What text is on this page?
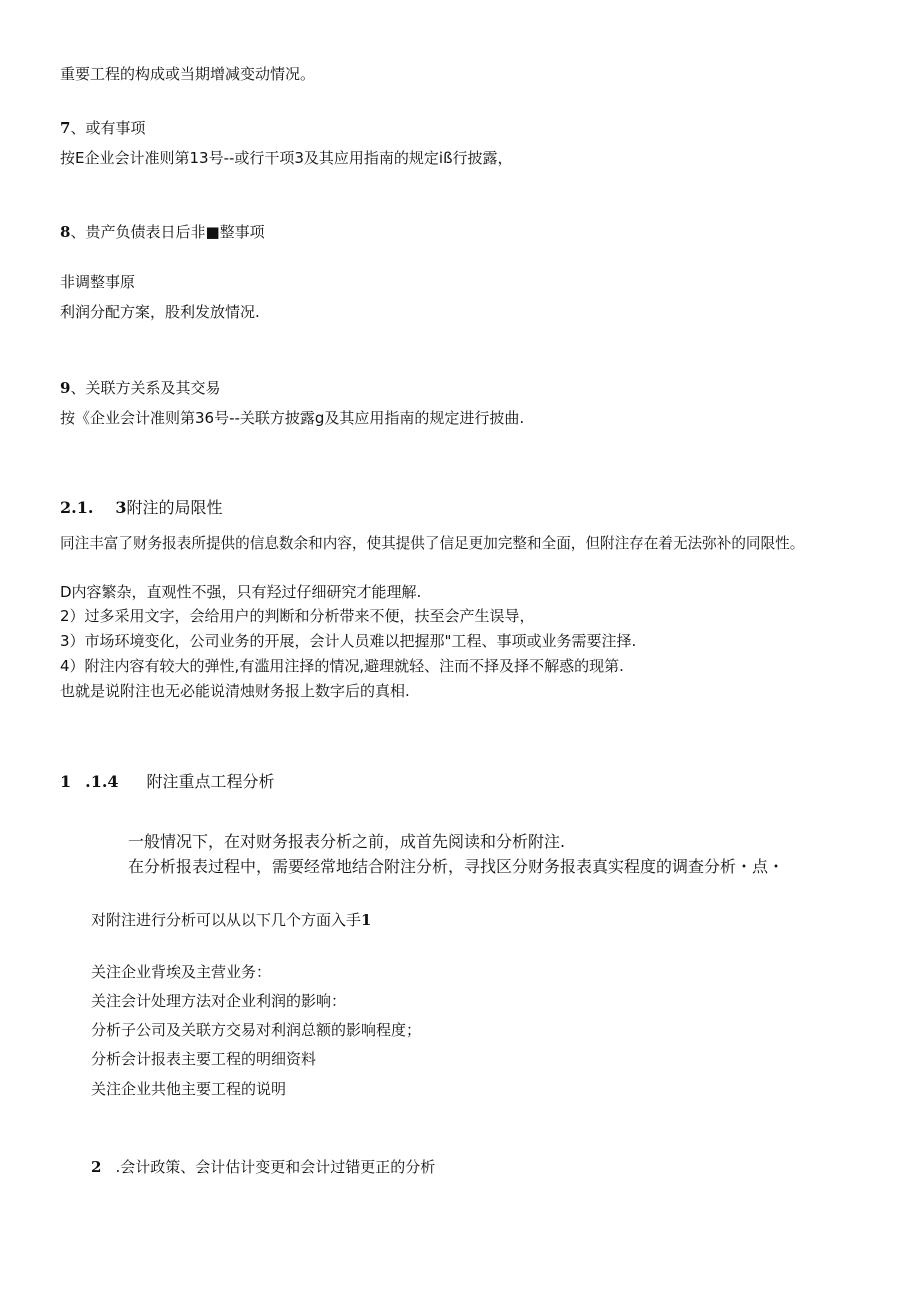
重要工程的构成或当期增减变动情况。
7、或有事项
按E企业会计准则第13号--或行干项3及其应用指南的规定iß行披露，
8、贵产负债表日后非■整事项
非调整事原
利润分配方案，股利发放情况.
9、关联方关系及其交易
按《企业会计准则第36号--关联方披露g及其应用指南的规定进行披曲.
2.1. 3附注的局限性
同注丰富了财务报表所提供的信息数余和内容，使其提供了信足更加完整和全面，但附注存在着无法弥补的同限性。
D内容繁杂，直观性不强，只有羟过仔细研究才能理解.
2）过多采用文字，会给用户的判断和分析带来不便，扶至会产生误导，
3）市场环境变化，公司业务的开展，会计人员难以把握那"工程、事项或业务需要注择.
4）附注内容有较大的弹性,有滥用注择的情况,避理就轻、注而不择及择不解惑的现第.
也就是说附注也无必能说清烛财务报上数字后的真相.
1 .1.4 附注重点工程分析
一般情况下，在对财务报表分析之前，成首先阅读和分析附注.
在分析报表过程中，需要经常地结合附注分析，寻找区分财务报表真实程度的调查分析・点・
对附注进行分析可以从以下几个方面入手1
关注企业背埃及主营业务：
关注会计处理方法对企业利润的影响：
分析子公司及关联方交易对利润总额的影响程度；
分析会计报表主要工程的明细资料
关注企业共他主要工程的说明
2 .会计政策、会计估计变更和会计过错更正的分析
